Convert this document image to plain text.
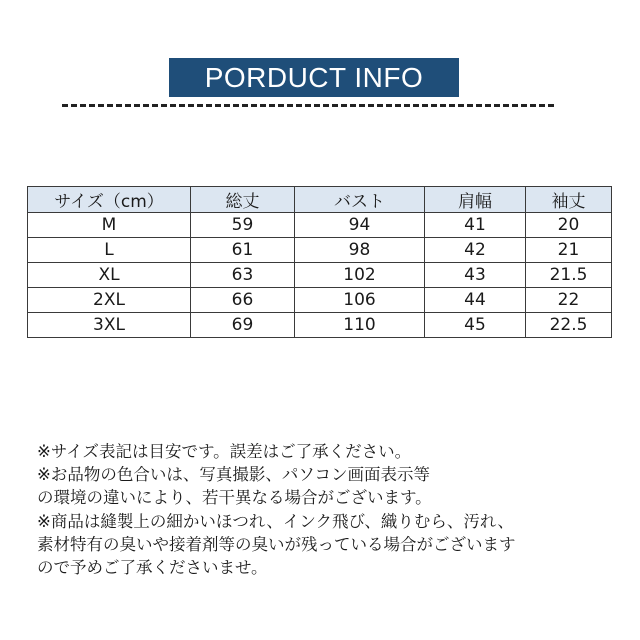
PORDUCT INFO
サイズ（cm）	総丈	バスト	肩幅	袖丈
M	59	94	41	20
L	61	98	42	21
XL	63	102	43	21.5
2XL	66	106	44	22
3XL	69	110	45	22.5
※サイズ表記は目安です。誤差はご了承ください。
※お品物の色合いは、写真撮影、パソコン画面表示等
の環境の違いにより、若干異なる場合がございます。
※商品は縫製上の細かいほつれ、インク飛び、織りむら、汚れ、
素材特有の臭いや接着剤等の臭いが残っている場合がございます
ので予めご了承くださいませ。
